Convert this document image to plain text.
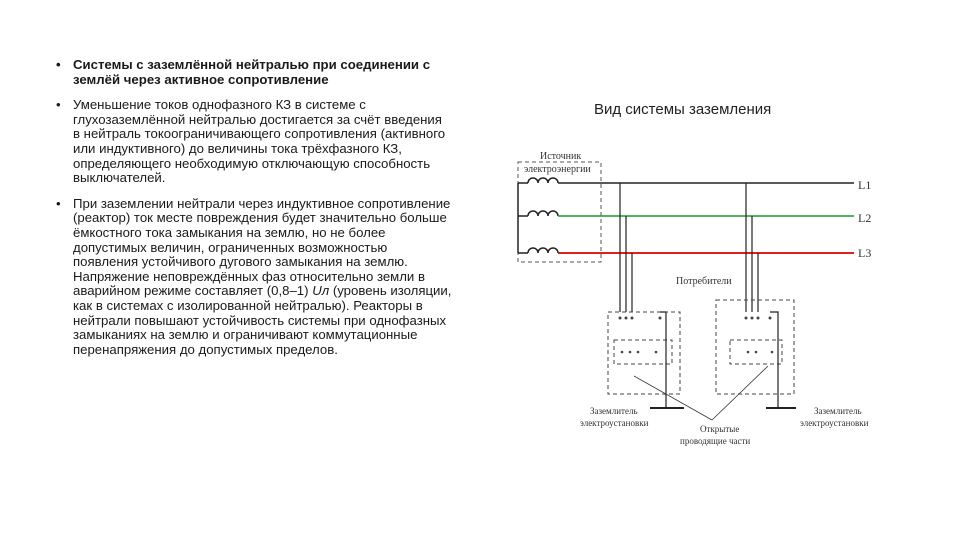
• Системы с заземлённой нейтралью при соединении с землёй через активное сопротивление
• Уменьшение токов однофазного КЗ в системе с глухозаземлённой нейтралью достигается за счёт введения в нейтраль токоограничивающего сопротивления (активного или индуктивного) до величины тока трёхфазного КЗ, определяющего необходимую отключающую способность выключателей.
• При заземлении нейтрали через индуктивное сопротивление (реактор) ток месте повреждения будет значительно больше ёмкостного тока замыкания на землю, но не более допустимых величин, ограниченных возможностью появления устойчивого дугового замыкания на землю. Напряжение неповреждённых фаз относительно земли в аварийном режиме составляет (0,8–1) Uл (уровень изоляции, как в системах с изолированной нейтралью). Реакторы в нейтрали повышают устойчивость системы при однофазных замыканиях на землю и ограничивают коммутационные перенапряжения до допустимых пределов.
Вид системы заземления
Источник
электроэнергии
L1
L2
L3
Потребители
Заземлитель
электроустановки
Заземлитель
электроустановки
Открытые
проводящие части
